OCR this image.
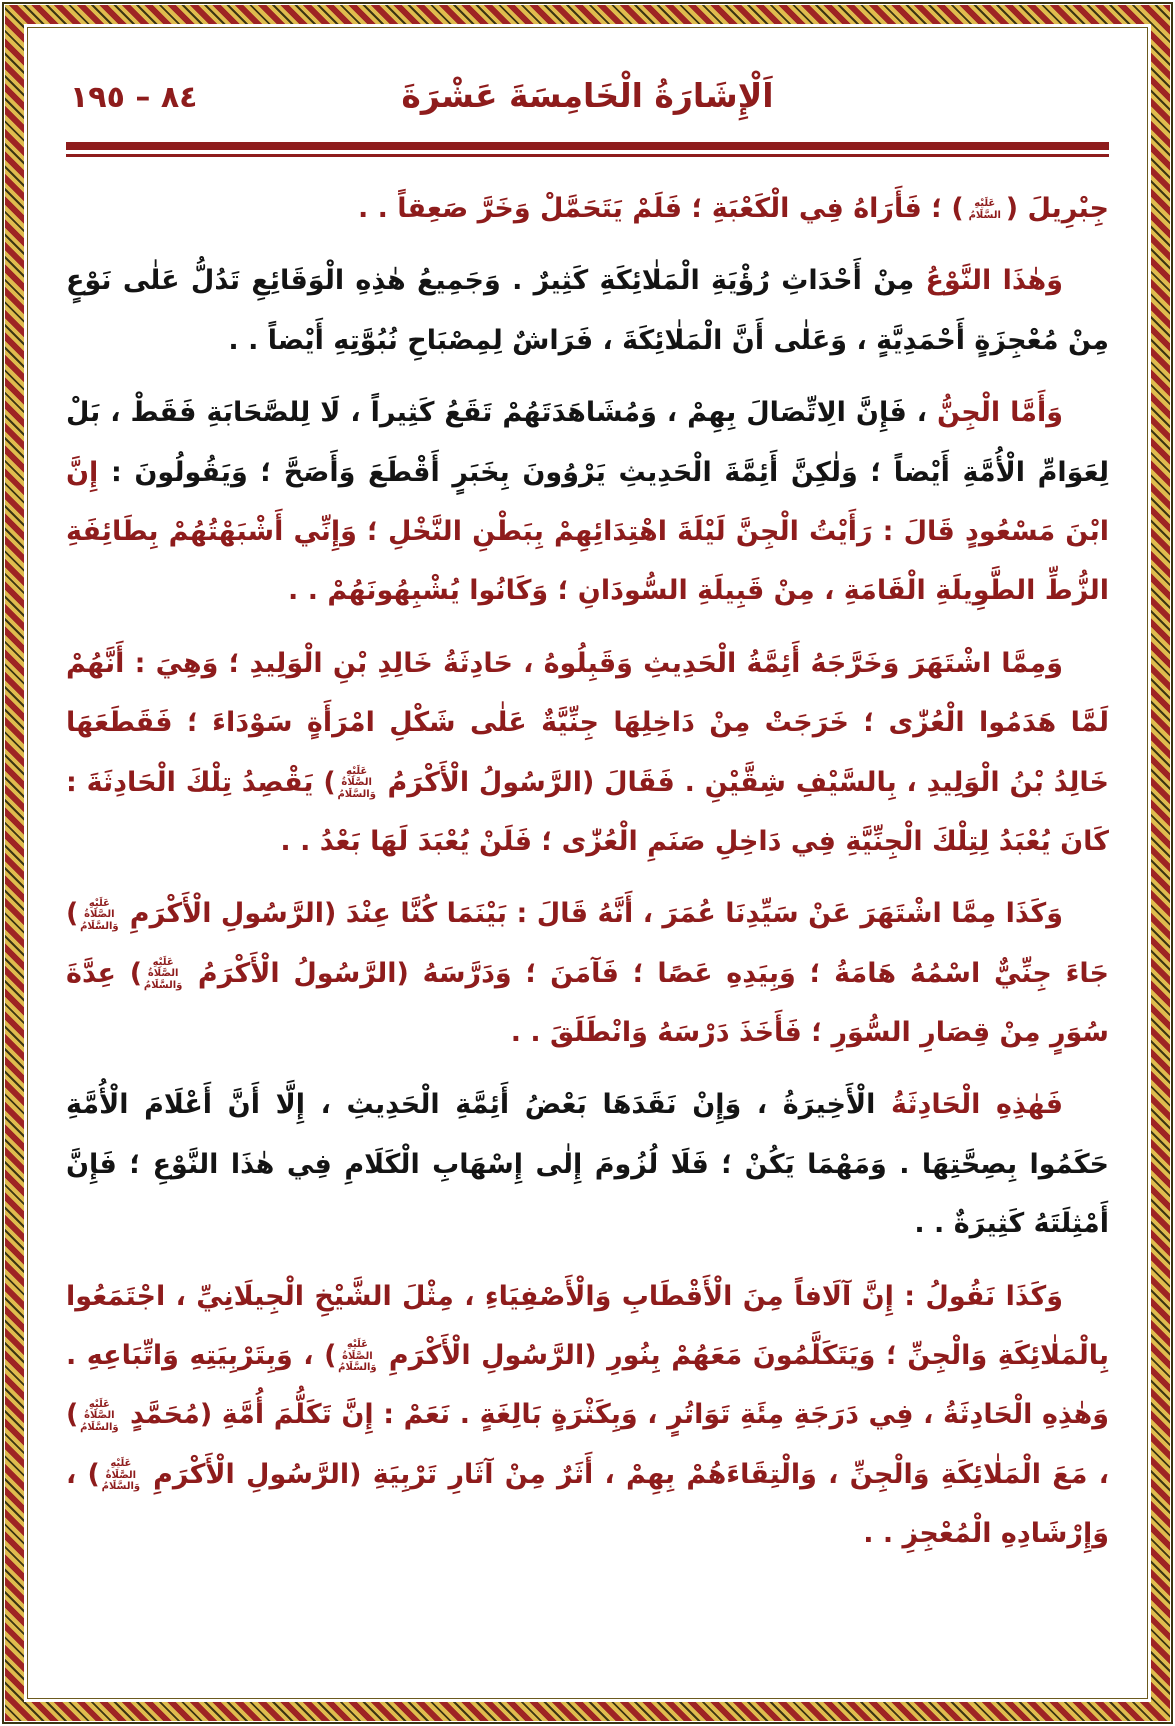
اَلْإِشَارَةُ الْخَامِسَةَ عَشْرَةَ
٨٤ – ١٩٥

جِبْرِيلَ (عَلَيْهِ السَّلَامُ) ؛ فَأَرَاهُ فِي الْكَعْبَةِ ؛ فَلَمْ يَتَحَمَّلْ وَخَرَّ صَعِقاً . .

وَهٰذَا النَّوْعُ مِنْ أَحْدَاثِ رُؤْيَةِ الْمَلٰائِكَةِ كَثِيرٌ . وَجَمِيعُ هٰذِهِ الْوَقَائِعِ تَدُلُّ عَلٰى نَوْعٍ مِنْ مُعْجِزَةٍ أَحْمَدِيَّةٍ ، وَعَلٰى أَنَّ الْمَلٰائِكَةَ ، فَرَاشٌ لِمِصْبَاحِ نُبُوَّتِهِ أَيْضاً . .

وَأَمَّا الْجِنُّ ، فَإِنَّ الِاتِّصَالَ بِهِمْ ، وَمُشَاهَدَتَهُمْ تَقَعُ كَثِيراً ، لَا لِلصَّحَابَةِ فَقَطْ ، بَلْ لِعَوَامِّ الْأُمَّةِ أَيْضاً ؛ وَلٰكِنَّ أَئِمَّةَ الْحَدِيثِ يَرْوُونَ بِخَبَرٍ أَقْطَعَ وَأَصَحَّ ؛ وَيَقُولُونَ : إِنَّ ابْنَ مَسْعُودٍ قَالَ : رَأَيْتُ الْجِنَّ لَيْلَةَ اهْتِدَائِهِمْ بِبَطْنِ النَّخْلِ ؛ وَإِنِّي أَشْبَهْتُهُمْ بِطَائِفَةِ الزُّطِّ الطَّوِيلَةِ الْقَامَةِ ، مِنْ قَبِيلَةِ السُّودَانِ ؛ وَكَانُوا يُشْبِهُونَهُمْ . .

وَمِمَّا اشْتَهَرَ وَخَرَّجَهُ أَئِمَّةُ الْحَدِيثِ وَقَبِلُوهُ ، حَادِثَةُ خَالِدِ بْنِ الْوَلِيدِ ؛ وَهِيَ : أَنَّهُمْ لَمَّا هَدَمُوا الْعُزّٰى ؛ خَرَجَتْ مِنْ دَاخِلِهَا جِنِّيَّةٌ عَلٰى شَكْلِ امْرَأَةٍ سَوْدَاءَ ؛ فَقَطَعَهَا خَالِدُ بْنُ الْوَلِيدِ ، بِالسَّيْفِ شِقَّيْنِ . فَقَالَ (الرَّسُولُ الْأَكْرَمُ عَلَيْهِ الصَّلَاةُ وَالسَّلَامُ) يَقْصِدُ تِلْكَ الْحَادِثَةَ : كَانَ يُعْبَدُ لِتِلْكَ الْجِنِّيَّةِ فِي دَاخِلِ صَنَمِ الْعُزّٰى ؛ فَلَنْ يُعْبَدَ لَهَا بَعْدُ . .

وَكَذَا مِمَّا اشْتَهَرَ عَنْ سَيِّدِنَا عُمَرَ ، أَنَّهُ قَالَ : بَيْنَمَا كُنَّا عِنْدَ (الرَّسُولِ الْأَكْرَمِ عَلَيْهِ الصَّلَاةُ وَالسَّلَامُ) جَاءَ جِنِّيٌّ اسْمُهُ هَامَةُ ؛ وَبِيَدِهِ عَصًا ؛ فَآمَنَ ؛ وَدَرَّسَهُ (الرَّسُولُ الْأَكْرَمُ عَلَيْهِ الصَّلَاةُ وَالسَّلَامُ) عِدَّةَ سُوَرٍ مِنْ قِصَارِ السُّوَرِ ؛ فَأَخَذَ دَرْسَهُ وَانْطَلَقَ . .

فَهٰذِهِ الْحَادِثَةُ الْأَخِيرَةُ ، وَإِنْ نَقَدَهَا بَعْضُ أَئِمَّةِ الْحَدِيثِ ، إِلَّا أَنَّ أَعْلَامَ الْأُمَّةِ حَكَمُوا بِصِحَّتِهَا . وَمَهْمَا يَكُنْ ؛ فَلَا لُزُومَ إِلٰى إِسْهَابِ الْكَلَامِ فِي هٰذَا النَّوْعِ ؛ فَإِنَّ أَمْثِلَتَهُ كَثِيرَةٌ . .

وَكَذَا نَقُولُ : إِنَّ آلَافاً مِنَ الْأَقْطَابِ وَالْأَصْفِيَاءِ ، مِثْلَ الشَّيْخِ الْجِيلَانِيِّ ، اجْتَمَعُوا بِالْمَلٰائِكَةِ وَالْجِنِّ ؛ وَيَتَكَلَّمُونَ مَعَهُمْ بِنُورِ (الرَّسُولِ الْأَكْرَمِ عَلَيْهِ الصَّلَاةُ وَالسَّلَامُ) ، وَبِتَرْبِيَتِهِ وَاتِّبَاعِهِ . وَهٰذِهِ الْحَادِثَةُ ، فِي دَرَجَةِ مِئَةِ تَوَاتُرٍ ، وَبِكَثْرَةٍ بَالِغَةٍ . نَعَمْ : إِنَّ تَكَلُّمَ أُمَّةِ (مُحَمَّدٍ عَلَيْهِ الصَّلَاةُ وَالسَّلَامُ) ، مَعَ الْمَلٰائِكَةِ وَالْجِنِّ ، وَالْتِقَاءَهُمْ بِهِمْ ، أَثَرٌ مِنْ آثَارِ تَرْبِيَةِ (الرَّسُولِ الْأَكْرَمِ عَلَيْهِ الصَّلَاةُ وَالسَّلَامُ) ، وَإِرْشَادِهِ الْمُعْجِزِ . .
